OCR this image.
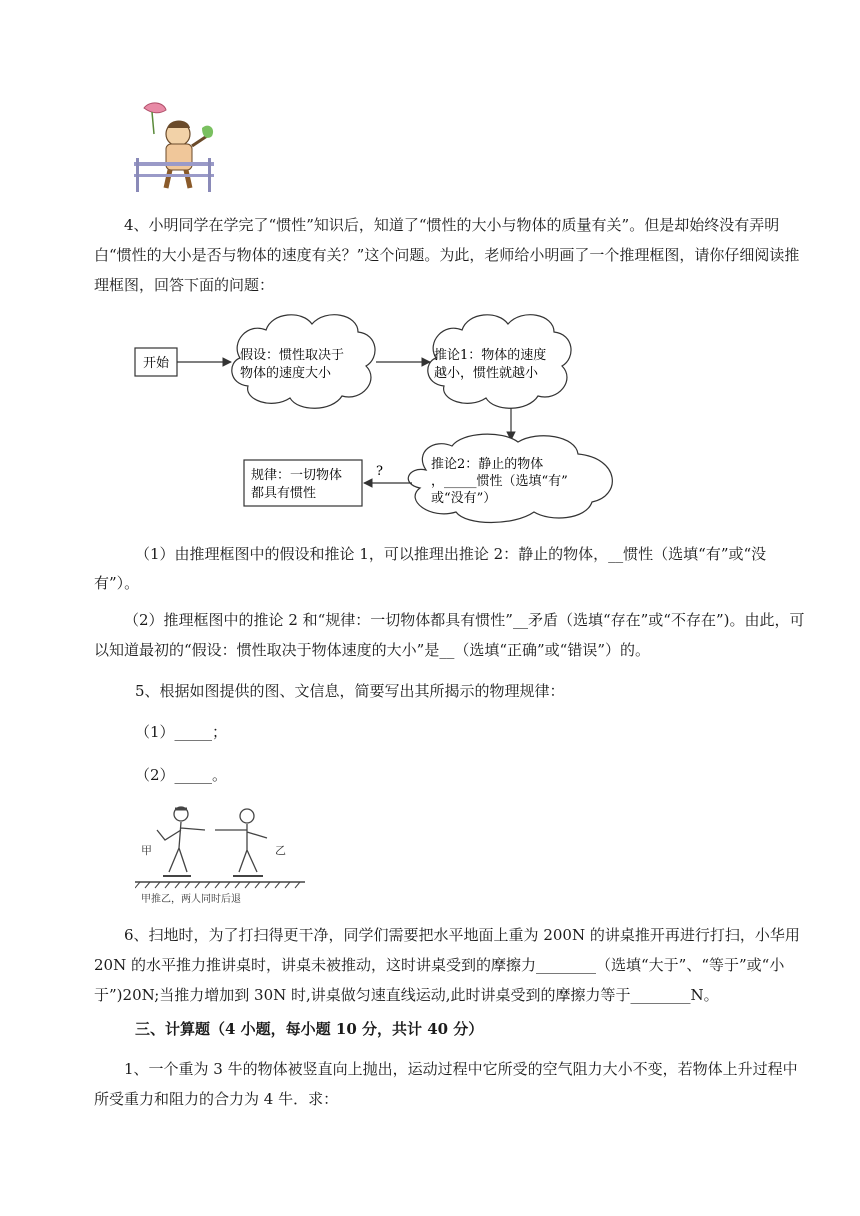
4、小明同学在学完了“惯性”知识后，知道了“惯性的大小与物体的质量有关”。但是却始终没有弄明白“惯性的大小是否与物体的速度有关？”这个问题。为此，老师给小明画了一个推理框图，请你仔细阅读推理框图，回答下面的问题：

开始
假设：惯性取决于
物体的速度大小
推论1：物体的速度
越小，惯性就越小
推论2：静止的物体
，_____惯性（选填“有”
或“没有”）
?
规律：一切物体
都具有惯性
（1）由推理框图中的假设和推论 1，可以推理出推论 2：静止的物体，__惯性（选填“有”或“没
有”）。

（2）推理框图中的推论 2 和“规律：一切物体都具有惯性”__矛盾（选填“存在”或“不存在”)。由此，可以知道最初的“假设：惯性取决于物体速度的大小”是__（选填“正确”或“错误”）的。

5、根据如图提供的图、文信息，简要写出其所揭示的物理规律：
（1）_____；
（2）_____。
甲	乙
甲推乙，两人同时后退

6、扫地时，为了打扫得更干净，同学们需要把水平地面上重为 200N 的讲桌推开再进行打扫，小华用 20N 的水平推力推讲桌时，讲桌未被推动，这时讲桌受到的摩擦力________（选填“大于”、“等于”或“小于”)20N;当推力增加到 30N 时,讲桌做匀速直线运动,此时讲桌受到的摩擦力等于________N。

三、计算题（4 小题，每小题 10 分，共计 40 分）

1、一个重为 3 牛的物体被竖直向上抛出，运动过程中它所受的空气阻力大小不变，若物体上升过程中所受重力和阻力的合力为 4 牛．求：
